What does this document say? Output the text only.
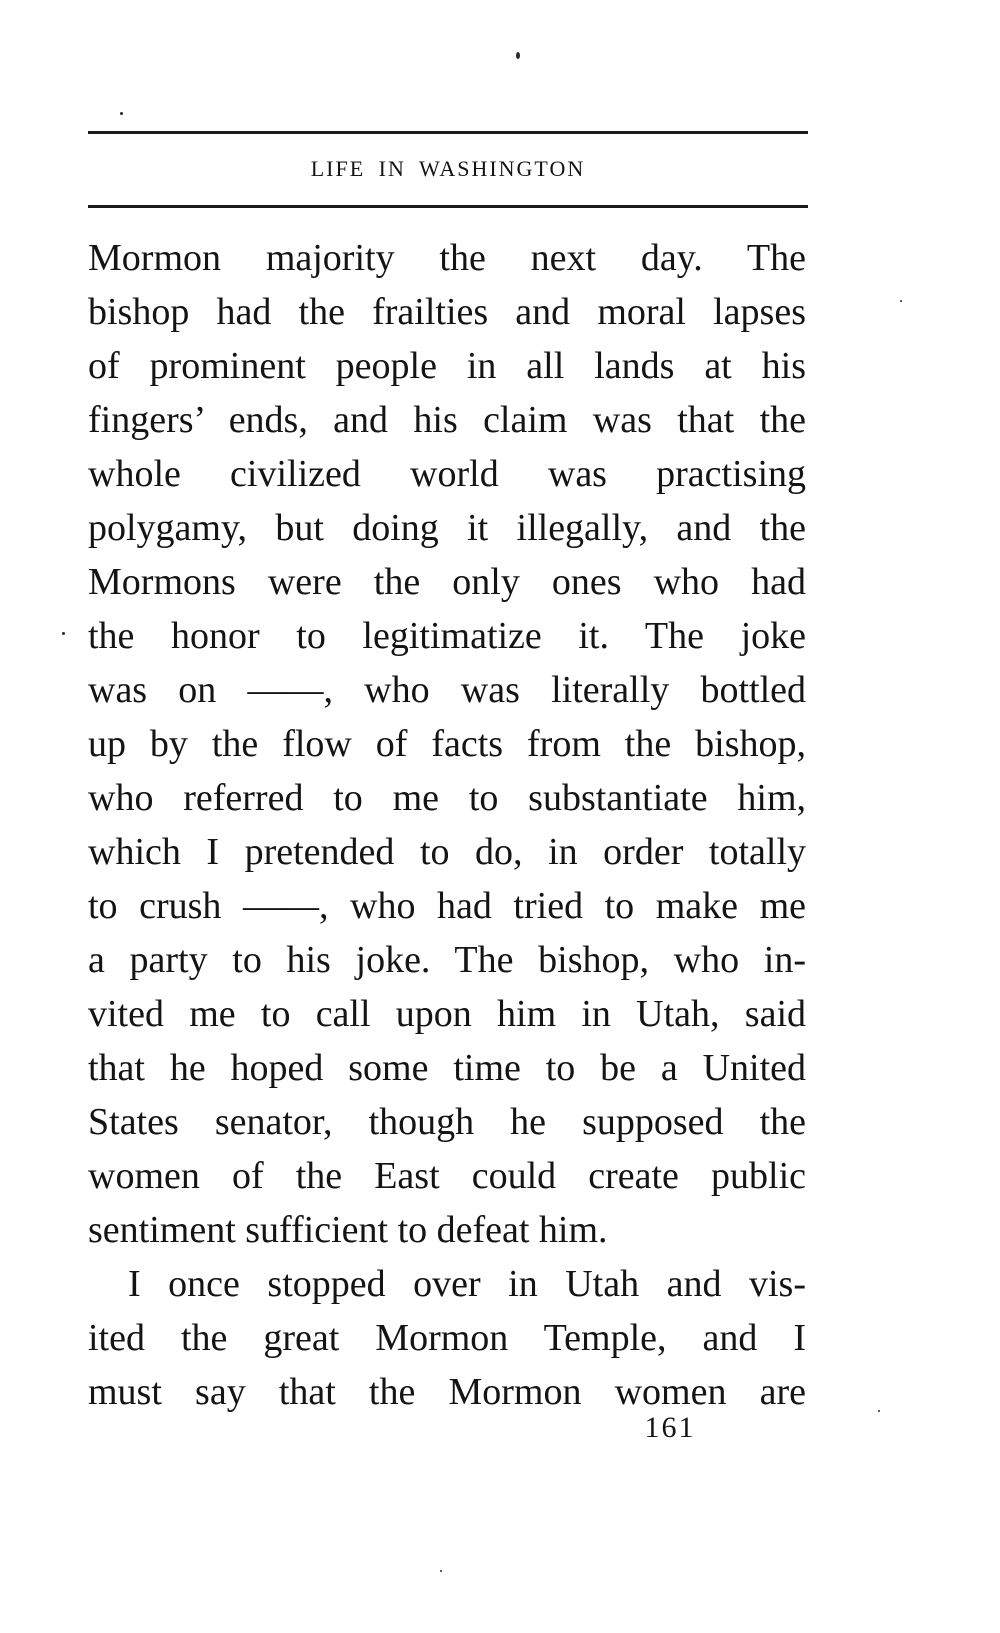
LIFE IN WASHINGTON
Mormon majority the next day. The
bishop had the frailties and moral lapses
of prominent people in all lands at his
fingers’ ends, and his claim was that the
whole civilized world was practising
polygamy, but doing it illegally, and the
Mormons were the only ones who had
the honor to legitimatize it. The joke
was on ——, who was literally bottled
up by the flow of facts from the bishop,
who referred to me to substantiate him,
which I pretended to do, in order totally
to crush ——, who had tried to make me
a party to his joke. The bishop, who in-
vited me to call upon him in Utah, said
that he hoped some time to be a United
States senator, though he supposed the
women of the East could create public
sentiment sufficient to defeat him.
I once stopped over in Utah and vis-
ited the great Mormon Temple, and I
must say that the Mormon women are
161
